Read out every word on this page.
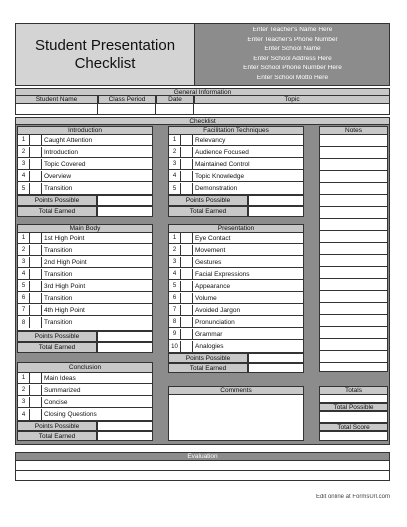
Student Presentation
Checklist
Enter Teacher's Name Here
Enter Teacher's Phone Number
Enter School Name
Enter School Address Here
Enter School Phone Number Here
Enter School Motto Here
General Information
Student Name	Class Period	Date	Topic
Checklist
Introduction
1	Caught Attention
2	Introduction
3	Topic Covered
4	Overview
5	Transition
Points Possible
Total Earned
Facilitation Techniques
1	Relevancy
2	Audience Focused
3	Maintained Control
4	Topic Knowledge
5	Demonstration
Points Possible
Total Earned
Notes
Main Body
1	1st High Point
2	Transition
3	2nd High Point
4	Transition
5	3rd High Point
6	Transition
7	4th High Point
8	Transition
Points Possible
Total Earned
Presentation
1	Eye Contact
2	Movement
3	Gestures
4	Facial Expressions
5	Appearance
6	Volume
7	Avoided Jargon
8	Pronunciation
9	Grammar
10	Analogies
Points Possible
Total Earned
Conclusion
1	Main Ideas
2	Summarized
3	Concise
4	Closing Questions
Points Possible
Total Earned
Comments	Totals
Total Possible
Total Score
Evaluation
Edit online at FormsUrl.com
